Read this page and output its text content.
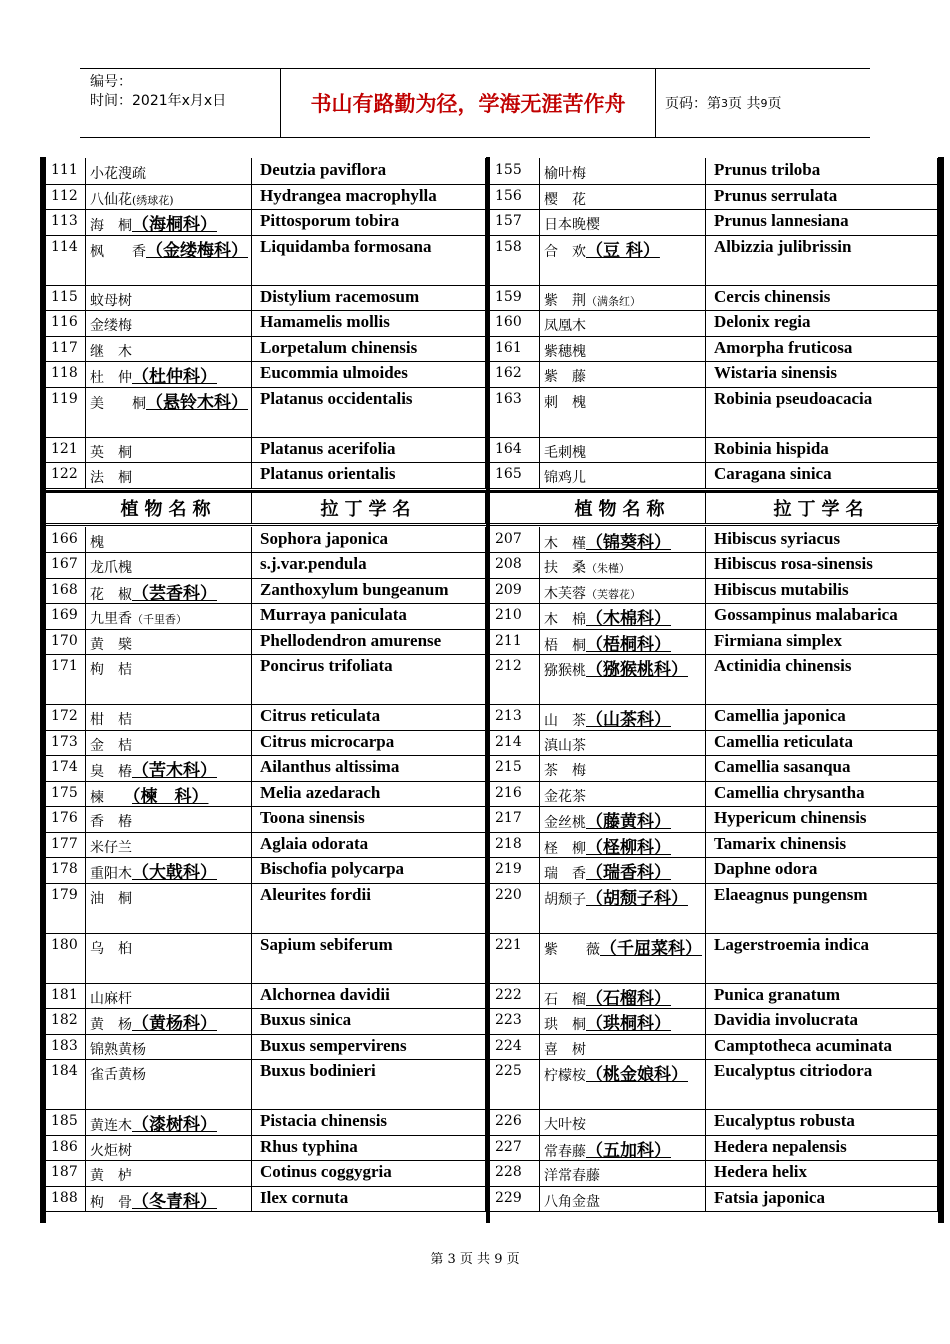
编号：
时间：2021年x月x日	书山有路勤为径，学海无涯苦作舟	页码：第 3 页 共 9 页
111 小花溲疏	Deutzia paviflora	155	榆叶梅	Prunus triloba
112 八仙花(绣球花)	Hydrangea macrophylla	156	樱　花	Prunus serrulata
113 海　桐（海桐科）	Pittosporum tobira	157	日本晚樱	Prunus lannesiana
114 枫　　香（金缕梅科） Liquidamba formosana	158	合　欢（豆 科）	Albizzia julibrissin
115 蚊母树	Distylium racemosum	159	紫　荆（满条红）	Cercis chinensis
116 金缕梅	Hamamelis mollis	160	凤凰木	Delonix regia
117 继　木	Lorpetalum chinensis	161	紫穗槐	Amorpha fruticosa
118 杜　仲（杜仲科）	Eucommia ulmoides	162	紫　藤	Wistaria sinensis
119 美　　桐（悬铃木科） Platanus occidentalis	163	刺　槐	Robinia pseudoacacia
121 英　桐	Platanus acerifolia	164	毛刺槐	Robinia hispida
122 法　桐	Platanus orientalis	165	锦鸡儿	Caragana sinica
植物名称	拉丁学名	植物名称	拉丁学名
166 槐	Sophora japonica	207	木　槿（锦葵科）	Hibiscus syriacus
167 龙爪槐	s.j.var.pendula	208	扶　桑（朱槿）	Hibiscus rosa-sinensis
168 花　椒（芸香科）	Zanthoxylum bungeanum	209	木芙蓉（芙蓉花）	Hibiscus mutabilis
169 九里香（千里香）	Murraya paniculata	210	木　棉（木棉科）	Gossampinus malabarica
170 黄　檗	Phellodendron amurense	211	梧　桐（梧桐科）	Firmiana simplex
171 枸　桔	Poncirus trifoliata	212	猕猴桃（猕猴桃科）	Actinidia chinensis
172 柑　桔	Citrus reticulata	213	山　茶（山茶科）	Camellia japonica
173 金　桔	Citrus microcarpa	214	滇山茶	Camellia reticulata
174 臭　椿（苦木科）	Ailanthus altissima	215	茶　梅	Camellia sasanqua
175 楝　　（楝　科）	Melia azedarach	216	金花茶	Camellia chrysantha
176 香　椿	Toona sinensis	217	金丝桃（藤黄科）	Hypericum chinensis
177 米仔兰	Aglaia odorata	218	柽　柳（柽柳科）	Tamarix chinensis
178 重阳木（大戟科）	Bischofia polycarpa	219	瑞　香（瑞香科）	Daphne odora
179 油　桐	Aleurites fordii	220	胡颓子（胡颓子科）	Elaeagnus pungensm
180 乌　桕	Sapium sebiferum	221	紫　　薇（千屈菜科） Lagerstroemia indica
181 山麻杆	Alchornea davidii	222	石　榴（石榴科）	Punica granatum
182 黄　杨（黄杨科）	Buxus sinica	223	珙　桐（珙桐科）	Davidia involucrata
183 锦熟黄杨	Buxus sempervirens	224	喜　树	Camptotheca acuminata
184 雀舌黄杨	Buxus bodinieri	225	柠檬桉（桃金娘科）	Eucalyptus citriodora
185 黄连木（漆树科）	Pistacia chinensis	226	大叶桉	Eucalyptus robusta
186 火炬树	Rhus typhina	227	常春藤（五加科）	Hedera nepalensis
187 黄　栌	Cotinus coggygria	228	洋常春藤	Hedera helix
188 枸　骨（冬青科）	Ilex cornuta	229	八角金盘	Fatsia japonica
第 3 页 共 9 页
